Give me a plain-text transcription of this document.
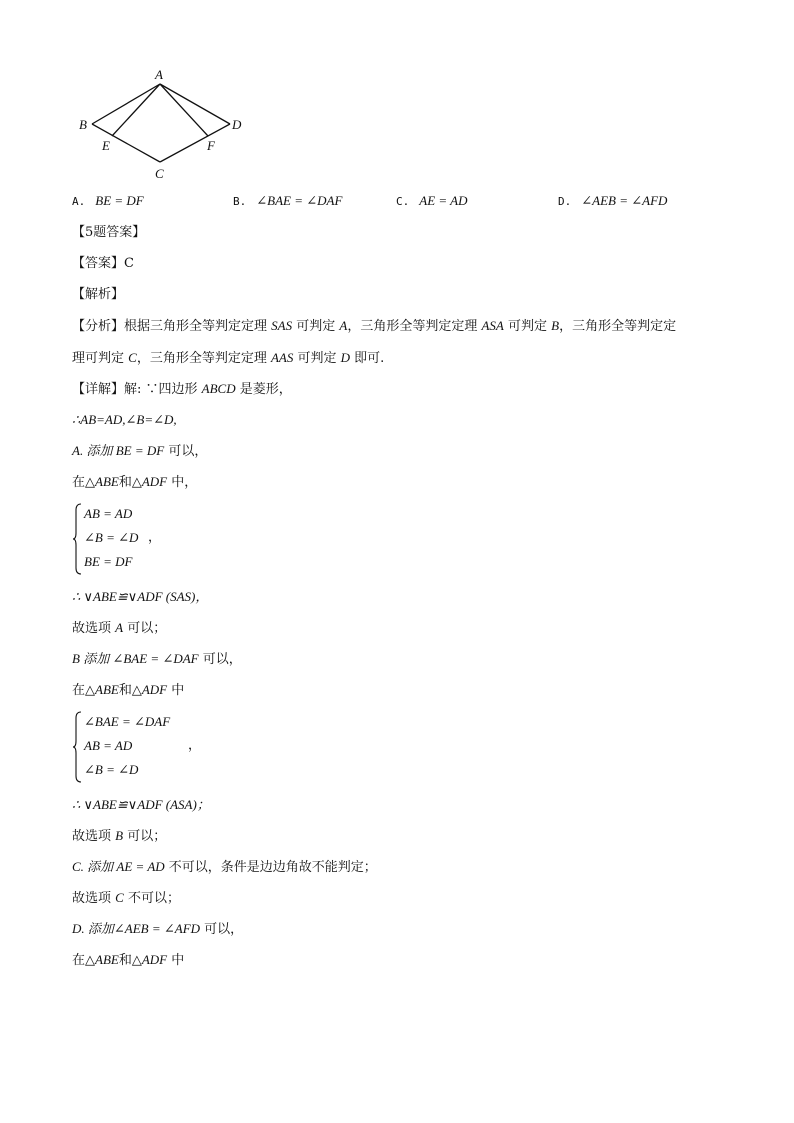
A
B	D
E	F
C
A. BE = DF	B. ∠BAE = ∠DAF	C. AE = AD	D. ∠AEB = ∠AFD
【5题答案】
【答案】C
【解析】
【分析】根据三角形全等判定定理 SAS 可判定 A，三角形全等判定定理 ASA 可判定 B，三角形全等判定定
理可判定 C，三角形全等判定定理 AAS 可判定 D 即可.
【详解】解: ∵四边形 ABCD 是菱形，
∴AB=AD,∠B=∠D,
A. 添加 BE = DF 可以，
在△ABE和△ADF 中，
AB = AD
∠B = ∠D
BE = DF
，
∴ ∨ABE≌∨ADF (SAS)，
故选项 A 可以；
B 添加 ∠BAE = ∠DAF 可以，
在△ABE和△ADF 中
∠BAE = ∠DAF
AB = AD
∠B = ∠D
，
∴ ∨ABE≌∨ADF (ASA)；
故选项 B 可以；
C. 添加 AE = AD 不可以，条件是边边角故不能判定；
故选项 C 不可以；
D. 添加∠AEB = ∠AFD 可以，
在△ABE和△ADF 中
